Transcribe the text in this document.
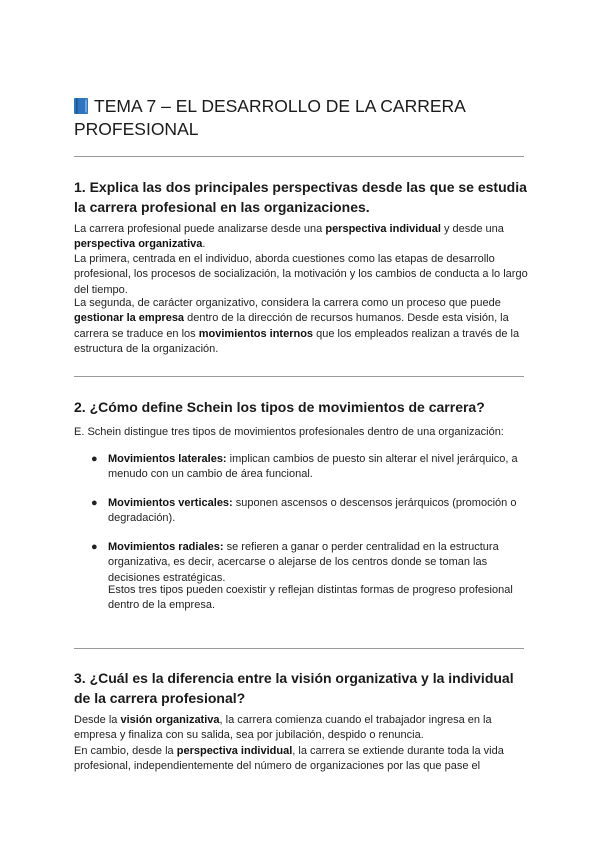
TEMA 7 – EL DESARROLLO DE LA CARRERA PROFESIONAL
1. Explica las dos principales perspectivas desde las que se estudia la carrera profesional en las organizaciones.

La carrera profesional puede analizarse desde una perspectiva individual y desde una perspectiva organizativa.

La primera, centrada en el individuo, aborda cuestiones como las etapas de desarrollo profesional, los procesos de socialización, la motivación y los cambios de conducta a lo largo del tiempo.

La segunda, de carácter organizativo, considera la carrera como un proceso que puede gestionar la empresa dentro de la dirección de recursos humanos. Desde esta visión, la carrera se traduce en los movimientos internos que los empleados realizan a través de la estructura de la organización.

2. ¿Cómo define Schein los tipos de movimientos de carrera?

E. Schein distingue tres tipos de movimientos profesionales dentro de una organización:

● Movimientos laterales: implican cambios de puesto sin alterar el nivel jerárquico, a menudo con un cambio de área funcional.

● Movimientos verticales: suponen ascensos o descensos jerárquicos (promoción o degradación).

● Movimientos radiales: se refieren a ganar o perder centralidad en la estructura organizativa, es decir, acercarse o alejarse de los centros donde se toman las decisiones estratégicas.

Estos tres tipos pueden coexistir y reflejan distintas formas de progreso profesional dentro de la empresa.

3. ¿Cuál es la diferencia entre la visión organizativa y la individual de la carrera profesional?

Desde la visión organizativa, la carrera comienza cuando el trabajador ingresa en la empresa y finaliza con su salida, sea por jubilación, despido o renuncia.

En cambio, desde la perspectiva individual, la carrera se extiende durante toda la vida profesional, independientemente del número de organizaciones por las que pase el
